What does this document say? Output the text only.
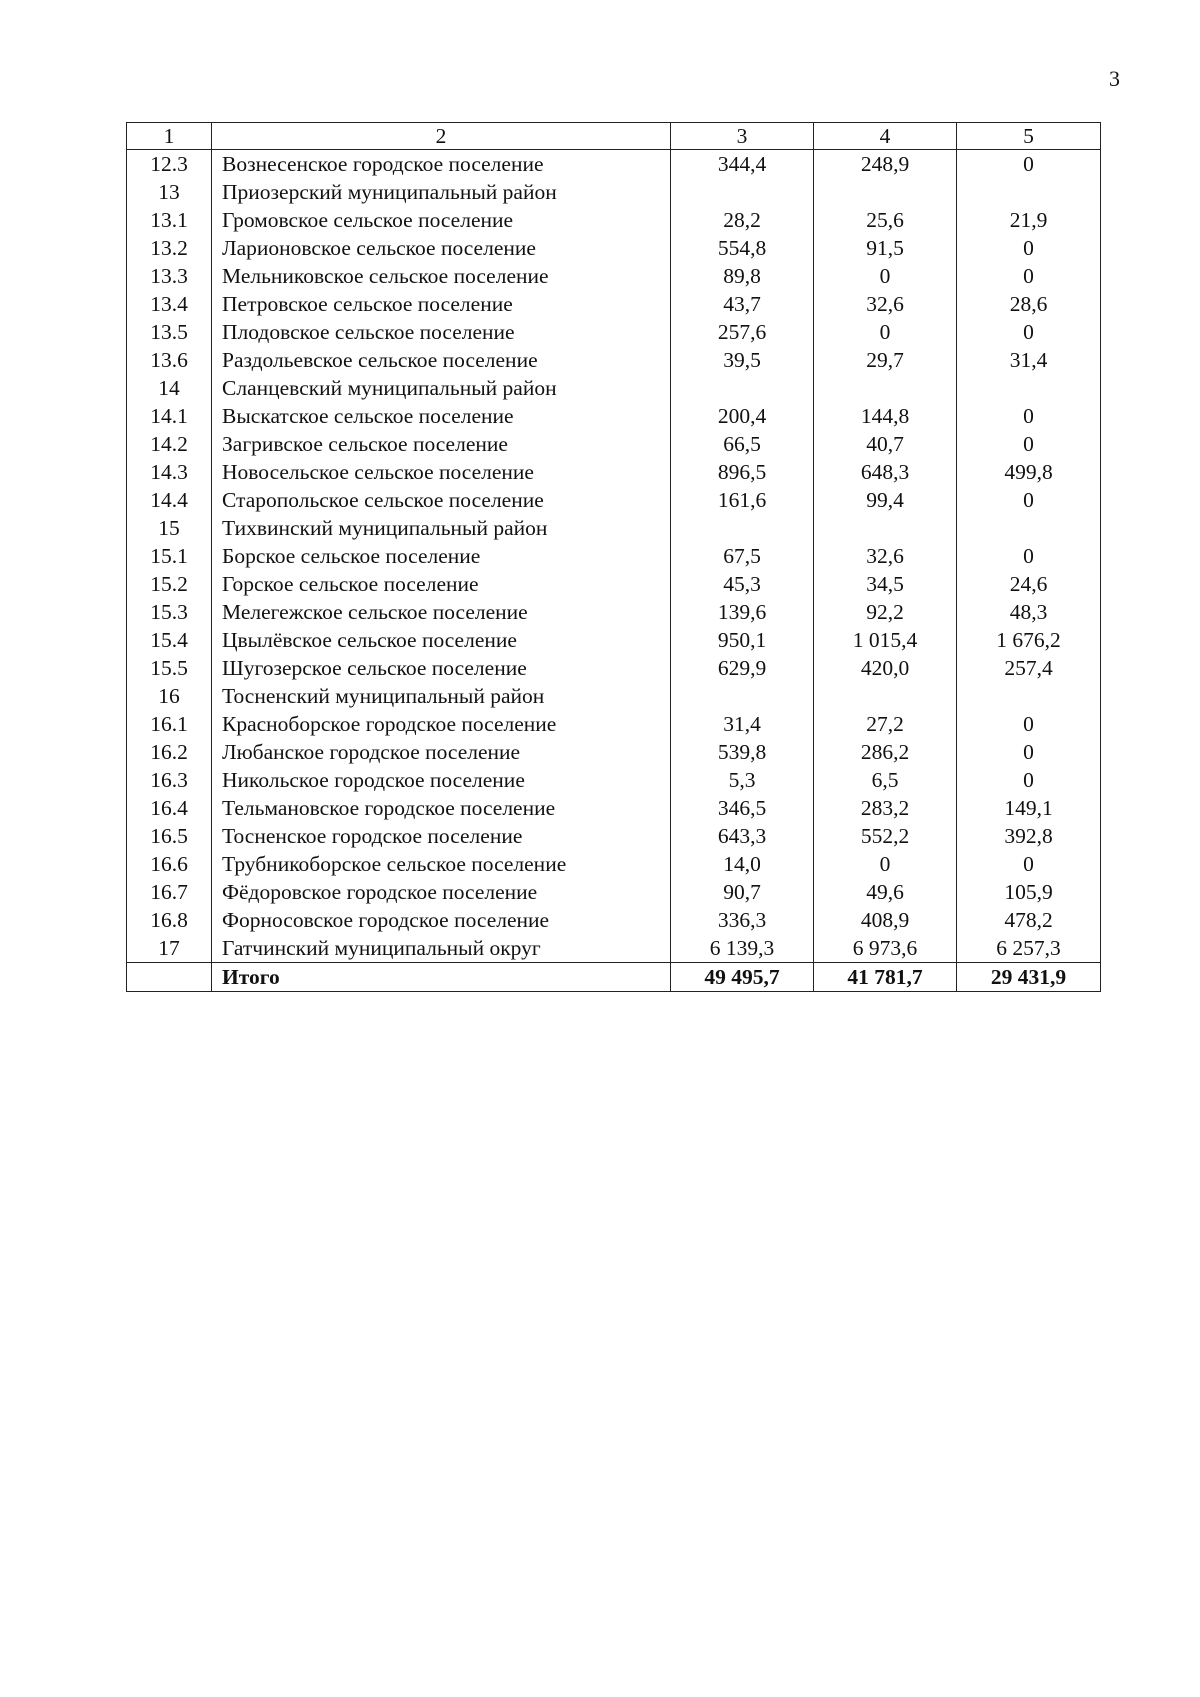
3
1	2	3	4	5
12.3	Вознесенское городское поселение	344,4	248,9	0
13	Приозерский муниципальный район			
13.1	Громовское сельское поселение	28,2	25,6	21,9
13.2	Ларионовское сельское поселение	554,8	91,5	0
13.3	Мельниковское сельское поселение	89,8	0	0
13.4	Петровское сельское поселение	43,7	32,6	28,6
13.5	Плодовское сельское поселение	257,6	0	0
13.6	Раздольевское сельское поселение	39,5	29,7	31,4
14	Сланцевский муниципальный район			
14.1	Выскатское сельское поселение	200,4	144,8	0
14.2	Загривское сельское поселение	66,5	40,7	0
14.3	Новосельское сельское поселение	896,5	648,3	499,8
14.4	Старопольское сельское поселение	161,6	99,4	0
15	Тихвинский муниципальный район			
15.1	Борское сельское поселение	67,5	32,6	0
15.2	Горское сельское поселение	45,3	34,5	24,6
15.3	Мелегежское сельское поселение	139,6	92,2	48,3
15.4	Цвылёвское сельское поселение	950,1	1 015,4	1 676,2
15.5	Шугозерское сельское поселение	629,9	420,0	257,4
16	Тосненский муниципальный район			
16.1	Красноборское городское поселение	31,4	27,2	0
16.2	Любанское городское поселение	539,8	286,2	0
16.3	Никольское городское поселение	5,3	6,5	0
16.4	Тельмановское городское поселение	346,5	283,2	149,1
16.5	Тосненское городское поселение	643,3	552,2	392,8
16.6	Трубникоборское сельское поселение	14,0	0	0
16.7	Фёдоровское городское поселение	90,7	49,6	105,9
16.8	Форносовское городское поселение	336,3	408,9	478,2
17	Гатчинский муниципальный округ	6 139,3	6 973,6	6 257,3
	Итого	49 495,7	41 781,7	29 431,9
